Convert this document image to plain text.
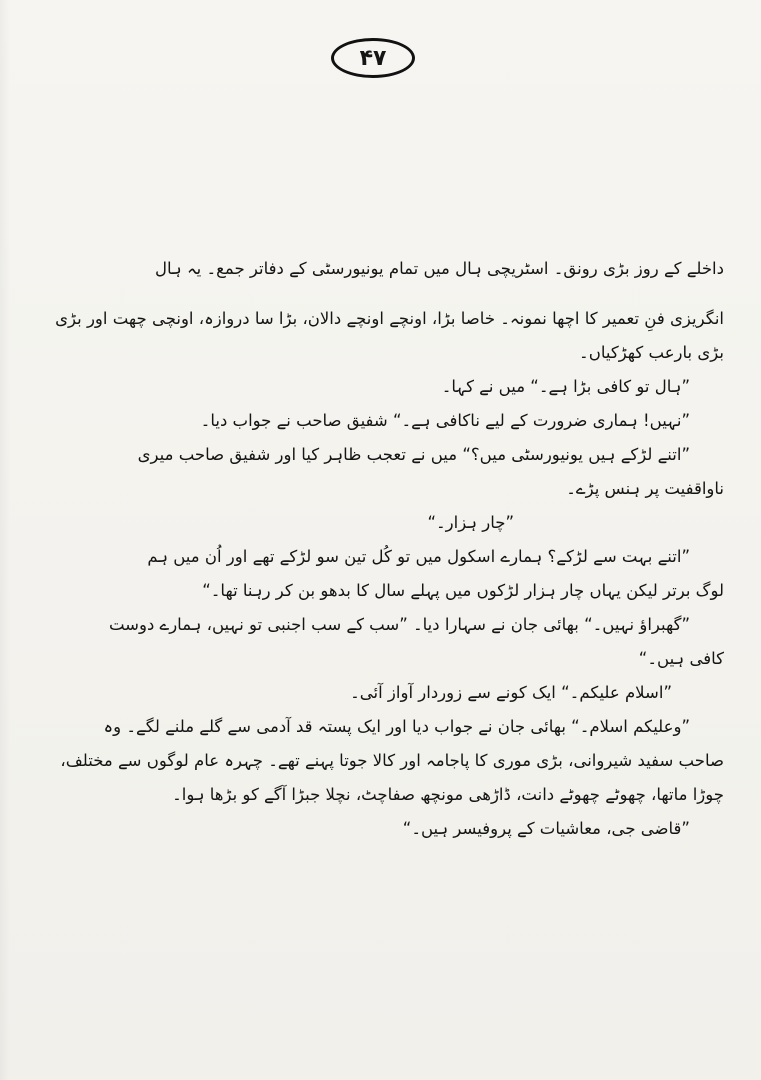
۴۷
داخلے کے روز بڑی رونق۔ اسٹریچی ہال میں تمام یونیورسٹی کے دفاتر جمع۔ یہ ہال
انگریزی فنِ تعمیر کا اچھا نمونہ۔ خاصا بڑا، اونچے اونچے دالان، بڑا سا دروازہ، اونچی چھت اور بڑی
بڑی بارعب کھڑکیاں۔
”ہال تو کافی بڑا ہے۔“ میں نے کہا۔
”نہیں! ہماری ضرورت کے لیے ناکافی ہے۔“ شفیق صاحب نے جواب دیا۔
”اتنے لڑکے ہیں یونیورسٹی میں؟“ میں نے تعجب ظاہر کیا اور شفیق صاحب میری
ناواقفیت پر ہنس پڑے۔
”چار ہزار۔“
”اتنے بہت سے لڑکے؟ ہمارے اسکول میں تو کُل تین سو لڑکے تھے اور اُن میں ہم
لوگ برتر لیکن یہاں چار ہزار لڑکوں میں پہلے سال کا بدھو بن کر رہنا تھا۔“
”گھبراؤ نہیں۔“ بھائی جان نے سہارا دیا۔ ”سب کے سب اجنبی تو نہیں، ہمارے دوست
کافی ہیں۔“
”اسلام علیکم۔“ ایک کونے سے زوردار آواز آئی۔
”وعلیکم اسلام۔“ بھائی جان نے جواب دیا اور ایک پستہ قد آدمی سے گلے ملنے لگے۔ وہ
صاحب سفید شیروانی، بڑی موری کا پاجامہ اور کالا جوتا پہنے تھے۔ چہرہ عام لوگوں سے مختلف،
چوڑا ماتھا، چھوٹے چھوٹے دانت، ڈاڑھی مونچھ صفاچٹ، نچلا جبڑا آگے کو بڑھا ہوا۔
”قاضی جی، معاشیات کے پروفیسر ہیں۔“
